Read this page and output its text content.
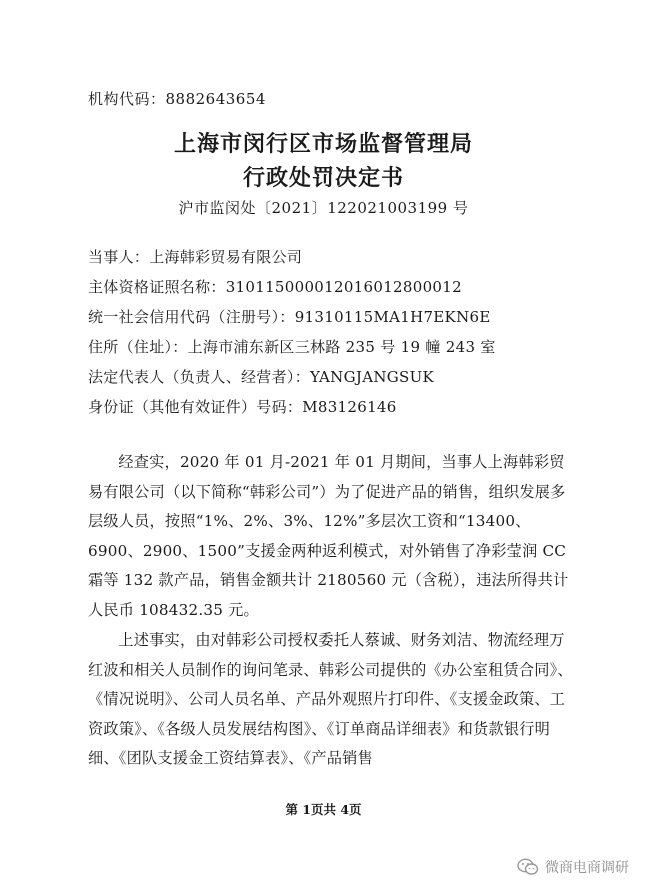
机构代码：8882643654
上海市闵行区市场监督管理局
行政处罚决定书
沪市监闵处〔2021〕122021003199 号
当事人：上海韩彩贸易有限公司
主体资格证照名称：310115000012016012800012
统一社会信用代码（注册号）：91310115MA1H7EKN6E
住所（住址）：上海市浦东新区三林路 235 号 19 幢 243 室
法定代表人（负责人、经营者）：YANGJANGSUK
身份证（其他有效证件）号码：M83126146
经查实，2020 年 01 月-2021 年 01 月期间，当事人上海韩彩贸易有限公司（以下简称“韩彩公司”）为了促进产品的销售，组织发展多层级人员，按照“1%、2%、3%、12%”多层次工资和“13400、6900、2900、1500”支援金两种返利模式，对外销售了净彩莹润 CC 霜等 132 款产品，销售金额共计 2180560 元（含税），违法所得共计人民币 108432.35 元。
上述事实，由对韩彩公司授权委托人蔡诚、财务刘洁、物流经理万红波和相关人员制作的询问笔录、韩彩公司提供的《办公室租赁合同》、《情况说明》、公司人员名单、产品外观照片打印件、《支援金政策、工资政策》、《各级人员发展结构图》、《订单商品详细表》和货款银行明细、《团队支援金工资结算表》、《产品销售
第 1页共 4页
微商电商调研
